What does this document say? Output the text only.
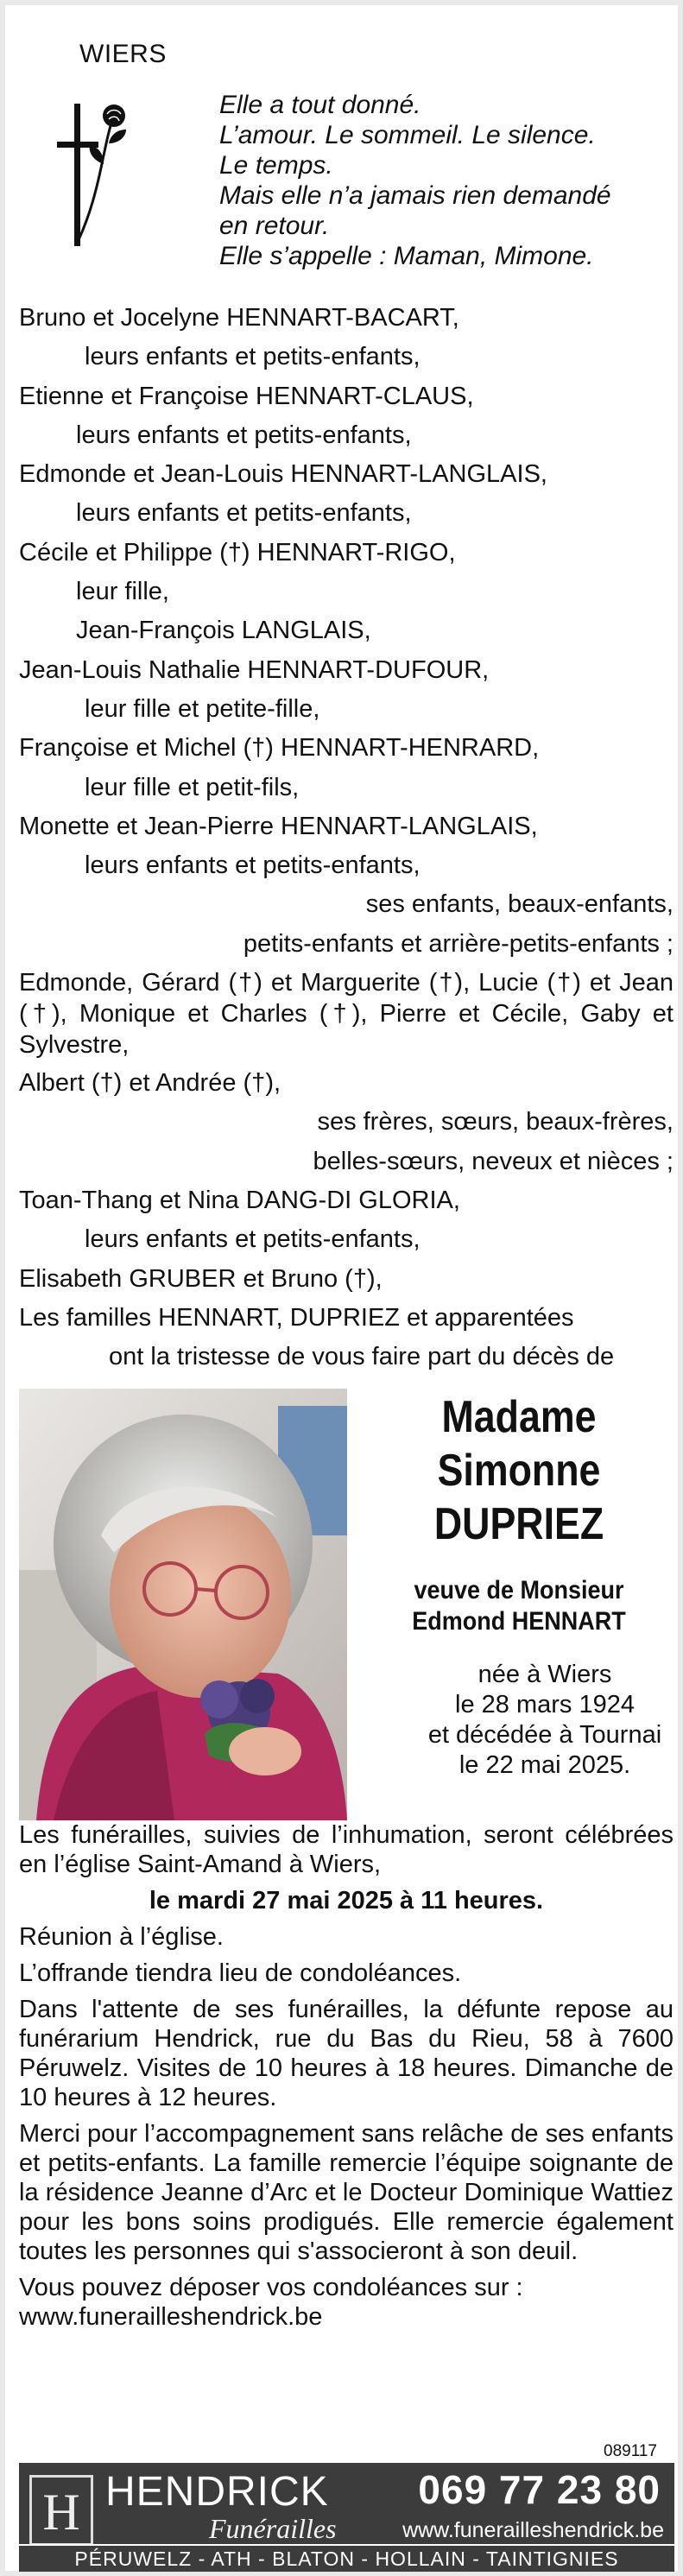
WIERS
Elle a tout donné.
L’amour. Le sommeil. Le silence.
Le temps.
Mais elle n’a jamais rien demandé
en retour.
Elle s’appelle : Maman, Mimone.
Bruno et Jocelyne HENNART-BACART,
leurs enfants et petits-enfants,
Etienne et Françoise HENNART-CLAUS,
leurs enfants et petits-enfants,
Edmonde et Jean-Louis HENNART-LANGLAIS,
leurs enfants et petits-enfants,
Cécile et Philippe (†) HENNART-RIGO,
leur fille,
Jean-François LANGLAIS,
Jean-Louis Nathalie HENNART-DUFOUR,
leur fille et petite-fille,
Françoise et Michel (†) HENNART-HENRARD,
leur fille et petit-fils,
Monette et Jean-Pierre HENNART-LANGLAIS,
leurs enfants et petits-enfants,
ses enfants, beaux-enfants,
petits-enfants et arrière-petits-enfants ;
Edmonde, Gérard (†) et Marguerite (†), Lucie (†) et Jean (†), Monique et Charles (†), Pierre et Cécile, Gaby et Sylvestre,
Albert (†) et Andrée (†),
ses frères, sœurs, beaux-frères,
belles-sœurs, neveux et nièces ;
Toan-Thang et Nina DANG-DI GLORIA,
leurs enfants et petits-enfants,
Elisabeth GRUBER et Bruno (†),
Les familles HENNART, DUPRIEZ et apparentées
ont la tristesse de vous faire part du décès de
Madame
Simonne
DUPRIEZ
veuve de Monsieur
Edmond HENNART
née à Wiers
le 28 mars 1924
et décédée à Tournai
le 22 mai 2025.

Les funérailles, suivies de l’inhumation, seront célébrées en l’église Saint-Amand à Wiers,

le mardi 27 mai 2025 à 11 heures.

Réunion à l’église.

L’offrande tiendra lieu de condoléances.

Dans l'attente de ses funérailles, la défunte repose au funérarium Hendrick, rue du Bas du Rieu, 58 à 7600 Péruwelz. Visites de 10 heures à 18 heures. Dimanche de 10 heures à 12 heures.

Merci pour l’accompagnement sans relâche de ses enfants et petits-enfants. La famille remercie l’équipe soignante de la résidence Jeanne d’Arc et le Docteur Dominique Wattiez pour les bons soins prodigués. Elle remercie également toutes les personnes qui s'associeront à son deuil.

Vous pouvez déposer vos condoléances sur :

www.funerailleshendrick.be

089117
H HENDRICK
Funérailles
069 77 23 80
www.funerailleshendrick.be
PÉRUWELZ - ATH - BLATON - HOLLAIN - TAINTIGNIES
